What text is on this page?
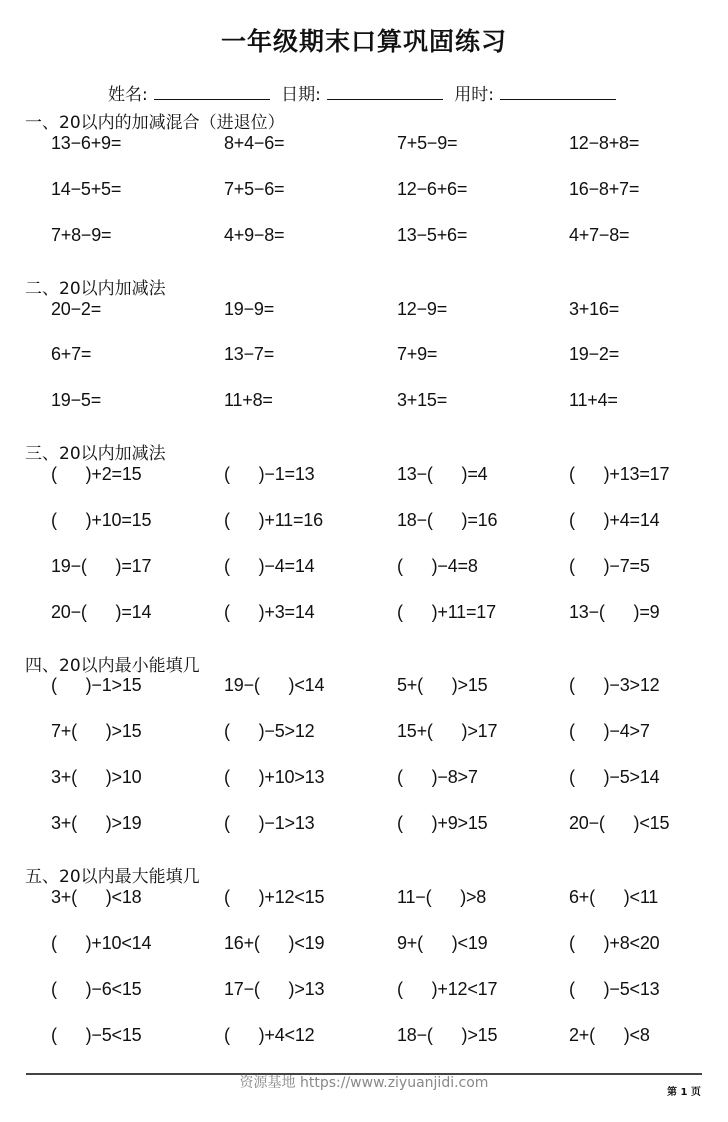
一年级期末口算巩固练习
姓名:	日期:	用时:
一、20以内的加减混合（进退位）
13−6+9=	8+4−6=	7+5−9=	12−8+8=
14−5+5=	7+5−6=	12−6+6=	16−8+7=
7+8−9=	4+9−8=	13−5+6=	4+7−8=
二、20以内加减法
20−2=	19−9=	12−9=	3+16=
6+7=	13−7=	7+9=	19−2=
19−5=	11+8=	3+15=	11+4=
三、20以内加减法
(      )+2=15	(      )−1=13	13−(      )=4	(      )+13=17
(      )+10=15	(      )+11=16	18−(      )=16	(      )+4=14
19−(      )=17	(      )−4=14	(      )−4=8	(      )−7=5
20−(      )=14	(      )+3=14	(      )+11=17	13−(      )=9
四、20以内最小能填几
(      )−1>15	19−(      )<14	5+(      )>15	(      )−3>12
7+(      )>15	(      )−5>12	15+(      )>17	(      )−4>7
3+(      )>10	(      )+10>13	(      )−8>7	(      )−5>14
3+(      )>19	(      )−1>13	(      )+9>15	20−(      )<15
五、20以内最大能填几
3+(      )<18	(      )+12<15	11−(      )>8	6+(      )<11
(      )+10<14	16+(      )<19	9+(      )<19	(      )+8<20
(      )−6<15	17−(      )>13	(      )+12<17	(      )−5<13
(      )−5<15	(      )+4<12	18−(      )>15	2+(      )<8
资源基地 https://www.ziyuanjidi.com
第 1 页
